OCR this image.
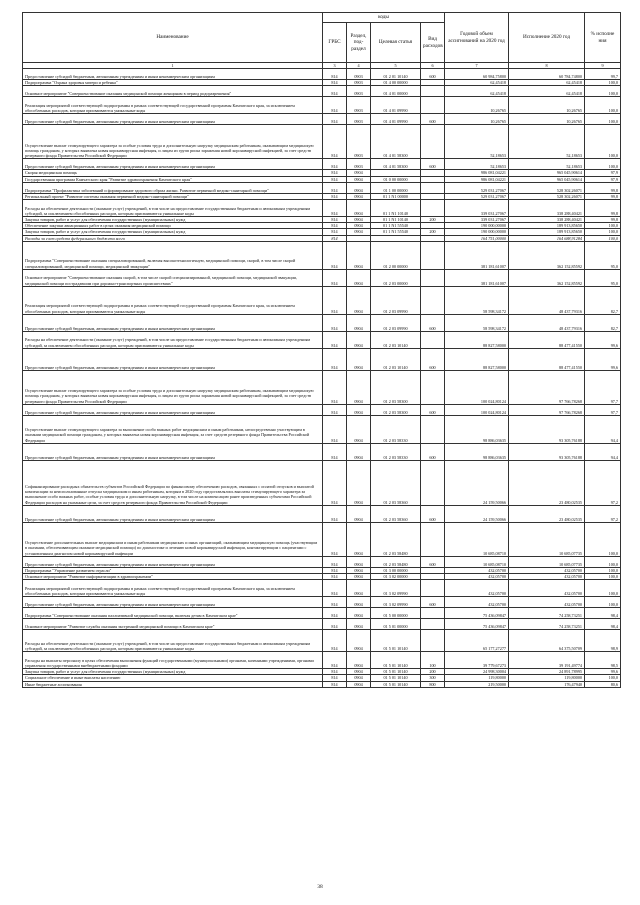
Наименование	коды				Годовой объем ассигнований на 2020 год	Исполнение 2020 год	% исполне ния
	ГРБС	Раздел, под-раздел	Целевая статья	Вид расходов			
1	3	4	5	6	7	8	9
Предоставление субсидий бюджетным, автономным учреждениям и иным некоммерческим организациям	814	0903	01 2 01 10140	600	60 984,75800	60 784,74800	99,7
Подпрограмма "Охрана здоровья матери и ребенка"	814	0903	01 4 00 00000		62,45418	62,45418	100,0
Основное мероприятие "Совершенствование оказания медицинской помощи женщинам в период родоразрешения"	814	0903	01 4 01 00000		62,45418	62,45418	100,0
Реализация мероприятий соответствующей подпрограммы в рамках соответствующей государственной программы Камчатского края, за исключением обособленных расходов, которым присваиваются уникальные коды	814	0903	01 4 01 09990		10,26765	10,26765	100,0
Предоставление субсидий бюджетным, автономным учреждениям и иным некоммерческим организациям	814	0903	01 4 01 09990	600	10,26765	10,26765	100,0
Осуществление выплат стимулирующего характера за особые условия труда и дополнительную нагрузку медицинским работникам, оказывающим медицинскую помощь гражданам, у которых выявлена новая коронавирусная инфекция, и лицам из групп риска заражения новой коронавирусной инфекцией, за счет средств резервного фонда Правительства Российской Федерации	814	0903	01 4 01 58300		52,18653	52,18653	100,0
Предоставление субсидий бюджетным, автономным учреждениям и иным некоммерческим организациям	814	0903	01 4 01 58300	600	52,18653	52,18653	100,0
Скорая медицинская помощь	814	0904			986 081,04221	965 045,90614	97,9
Государственная программа Камчатского края "Развитие здравоохранения Камчатского края"	814	0904	01 0 00 00000		986 081,04221	965 045,90614	97,9
Подпрограмма "Профилактика заболеваний и формирование здорового образа жизни. Развитие первичной медико-санитарной помощи"	814	0904	01 1 00 00000		529 031,27067	528 302,26071	99,8
Региональный проект "Развитие системы оказания первичной медико-санитарной помощи"	814	0904	01 1 N1 00000		529 031,27067	528 302,26071	99,8
Расходы на обеспечение деятельности (оказание услуг) учреждений, в том числе на предоставление государственным бюджетным и автономным учреждениям субсидий, за исключением обособленных расходов, которым присваиваются уникальные коды	814	0904	01 1 N1 10140		339 031,27067	338 288,40421	99,8
Закупка товаров, работ и услуг для обеспечения государственных (муниципальных) нужд	814	0904	01 1 N1 10140	200	339 031,27067	338 288,40421	99,8
Обеспечение закупки авиационных работ в целях оказания медицинской помощи	814	0904	01 1 N1 55540		190 000,00000	189 913,85650	100,0
Закупка товаров, работ и услуг для обеспечения государственных (муниципальных) нужд	814	0904	01 1 N1 55540	200	190 000,00000	189 913,85650	100,0
Расходы за счет средств федерального бюджета всего	814				164 751,00000	164 688,91284	100,0
Подпрограмма "Совершенствование оказания специализированной, включая высокотехнологичную, медицинской помощи, скорой, в том числе скорой специализированной, медицинской помощи, медицинской эвакуации"	814	0904	01 2 00 00000		381 181,61007	362 152,85592	95,0
Основное мероприятие "Совершенствование оказания скорой, в том числе скорой специализированной, медицинской помощи, медицинской эвакуации, медицинской помощи пострадавшим при дорожно-транспортных происшествиях"	814	0904	01 2 03 00000		381 181,61007	362 152,85592	95,0
Реализация мероприятий соответствующей подпрограммы в рамках соответствующей государственной программы Камчатского края, за исключением обособленных расходов, которым присваиваются уникальные коды	814	0904	01 2 03 09990		58 598,34172	48 437,79316	82,7
Предоставление субсидий бюджетным, автономным учреждениям и иным некоммерческим организациям	814	0904	01 2 03 09990	600	58 598,34172	48 437,79316	82,7
Расходы на обеспечение деятельности (оказание услуг) учреждений, в том числе на предоставление государственным бюджетным и автономным учреждениям субсидий, за исключением обособленных расходов, которым присваиваются уникальные коды	814	0904	01 2 03 10140		88 827,58000	88 477,41550	99,6
Предоставление субсидий бюджетным, автономным учреждениям и иным некоммерческим организациям	814	0904	01 2 03 10140	600	88 827,58000	88 477,41550	99,6
Осуществление выплат стимулирующего характера за особые условия труда и дополнительную нагрузку медицинским работникам, оказывающим медицинскую помощь гражданам, у которых выявлена новая коронавирусная инфекция, и лицам из групп риска заражения новой коронавирусной инфекцией, за счет средств резервного фонда Правительства Российской Федерации	814	0904	01 2 03 58300		100 024,80124	97 766,78268	97,7
Предоставление субсидий бюджетным, автономным учреждениям и иным некоммерческим организациям	814	0904	01 2 03 58300	600	100 024,80124	97 766,78268	97,7
Осуществление выплат стимулирующего характера за выполнение особо важных работ медицинским и иным работникам, непосредственно участвующим в оказании медицинской помощи гражданам, у которых выявлена новая коронавирусная инфекция, за счет средств резервного фонда Правительства Российской Федерации	814	0904	01 2 03 58330		98 886,03635	93 305,76188	94,4
Предоставление субсидий бюджетным, автономным учреждениям и иным некоммерческим организациям	814	0904	01 2 03 58330	600	98 886,03635	93 305,76188	94,4
Софинансирование расходных обязательств субъектов Российской Федерации по финансовому обеспечению расходов, связанных с оплатой отпусков и выплатой компенсации за неиспользованные отпуска медицинским и иным работникам, которым в 2020 году предоставлялись выплаты стимулирующего характера за выполнение особо важных работ, особые условия труда и дополнительную нагрузку, в том числе на компенсацию ранее произведенных субъектами Российской Федерации расходов на указанные цели, за счет средств резервного фонда Правительства Российской Федерации	814	0904	01 2 03 58360		24 159,50066	23 480,02535	97,2
Предоставление субсидий бюджетным, автономным учреждениям и иным некоммерческим организациям	814	0904	01 2 03 58360	600	24 159,50066	23 480,02535	97,2
Осуществление дополнительных выплат медицинским и иным работникам медицинских и иных организаций, оказывающим медицинскую помощь (участвующим в оказании, обеспечивающим оказание медицинской помощи) по диагностике и лечению новой коронавирусной инфекции, контактирующим с пациентами с установленным диагнозом новой коронавирусной инфекции	814	0904	01 2 03 58480		10 685,08710	10 685,07735	100,0
Предоставление субсидий бюджетным, автономным учреждениям и иным некоммерческим организациям	814	0904	01 2 03 58480	600	10 685,08710	10 685,07735	100,0
Подпрограмма "Управление развитием отрасли"	814	0904	01 3 00 00000		432,05700	432,05700	100,0
Основное мероприятие "Развитие информатизации в здравоохранении"	814	0904	01 3 02 00000		432,05700	432,05700	100,0
Реализация мероприятий соответствующей подпрограммы в рамках соответствующей государственной программы Камчатского края, за исключением обособленных расходов, которым присваиваются уникальные коды	814	0904	01 3 02 09990		432,05700	432,05700	100,0
Предоставление субсидий бюджетным, автономным учреждениям и иным некоммерческим организациям	814	0904	01 3 02 09990	600	432,05700	432,05700	100,0
Подпрограмма "Совершенствование оказания паллиативной медицинской помощи, включая детям в Камчатском крае"	814	0904	01 5 00 00000		75 436,09847	74 258,73251	98,4
Основное мероприятие "Развитие службы оказания экстренной медицинской помощи в Камчатском крае"	814	0904	01 5 01 00000		75 436,09847	74 258,73251	98,4
Расходы на обеспечение деятельности (оказание услуг) учреждений, в том числе на предоставление государственным бюджетным и автономным учреждениям субсидий, за исключением обособленных расходов, которым присваиваются уникальные коды	814	0904	01 5 01 10140		65 177,27277	64 375,50709	98,9
Расходы на выплаты персоналу в целях обеспечения выполнения функций государственными (муниципальными) органами, казенными учреждениями, органами управления государственными внебюджетными фондами	814	0904	01 5 01 10140	100	39 779,67273	39 191,49774	98,5
Закупка товаров, работ и услуг для обеспечения государственных (муниципальных) нужд	814	0904	01 5 01 10140	200	24 998,30004	24 891,78995	99,6
Социальное обеспечение и иные выплаты населению	814	0904	01 5 01 10140	300	119,80000	119,80000	100,0
Иные бюджетные ассигнования	814	0904	01 5 01 10140	800	219,50000	176,47940	80,6
38
